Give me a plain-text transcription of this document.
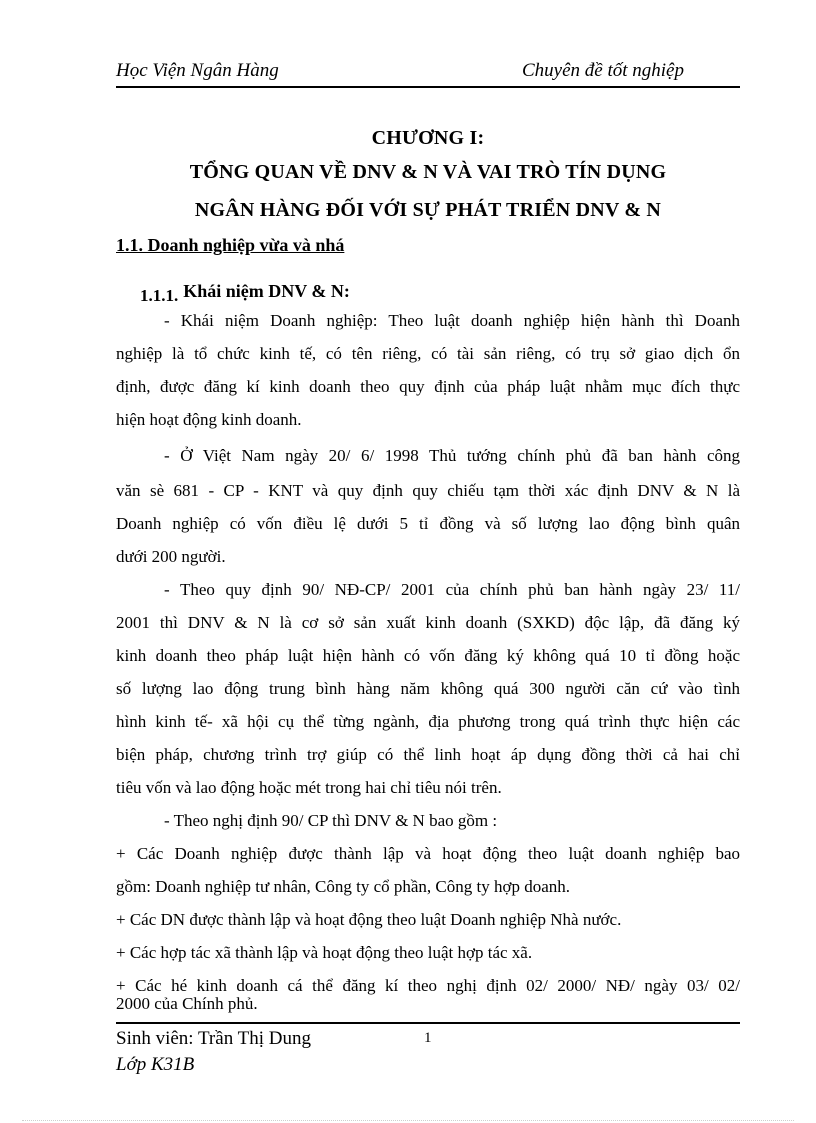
Học Viện Ngân Hàng	Chuyên đề tốt nghiệp

CHƯƠNG I:

TỔNG QUAN VỀ DNV & N VÀ VAI TRÒ TÍN DỤNG

NGÂN HÀNG ĐỐI VỚI SỰ PHÁT TRIỂN DNV & N

1.1. Doanh nghiệp vừa và nhá

1.1.1. Khái niệm DNV & N:

- Khái niệm Doanh nghiệp: Theo luật doanh nghiệp hiện hành thì Doanh

nghiệp là tổ chức kinh tế, có tên riêng, có tài sản riêng, có trụ sở giao dịch ổn

định, được đăng kí kinh doanh theo quy định của pháp luật nhằm mục đích thực

hiện hoạt động kinh doanh.

- Ở Việt Nam ngày 20/ 6/ 1998 Thủ tướng chính phủ đã ban hành công

văn sè 681 - CP - KNT và quy định quy chiếu tạm thời xác định DNV & N là

Doanh nghiệp có vốn điều lệ dưới 5 tỉ đồng và số lượng lao động bình quân

dưới 200 người.

- Theo quy định 90/ NĐ-CP/ 2001 của chính phủ ban hành ngày 23/ 11/

2001 thì DNV & N là cơ sở sản xuất kinh doanh (SXKD) độc lập, đã đăng ký

kinh doanh theo pháp luật hiện hành có vốn đăng ký không quá 10 tỉ đồng hoặc

số lượng lao động trung bình hàng năm không quá 300 người căn cứ vào tình

hình kinh tế- xã hội cụ thể từng ngành, địa phương trong quá trình thực hiện các

biện pháp, chương trình trợ giúp có thể linh hoạt áp dụng đồng thời cả hai chỉ

tiêu vốn và lao động hoặc mét trong hai chỉ tiêu nói trên.

- Theo nghị định 90/ CP thì DNV & N bao gồm :

+ Các Doanh nghiệp được thành lập và hoạt động theo luật doanh nghiệp bao

gồm: Doanh nghiệp tư nhân, Công ty cổ phần, Công ty hợp doanh.

+ Các DN được thành lập và hoạt động theo luật Doanh nghiệp Nhà nước.

+ Các hợp tác xã thành lập và hoạt động theo luật hợp tác xã.

+ Các hé kinh doanh cá thể đăng kí theo nghị định 02/ 2000/ NĐ/ ngày 03/ 02/

Sinh viên: Trần Thị Dung	1

Lớp K31B

2000 của Chính phủ.
